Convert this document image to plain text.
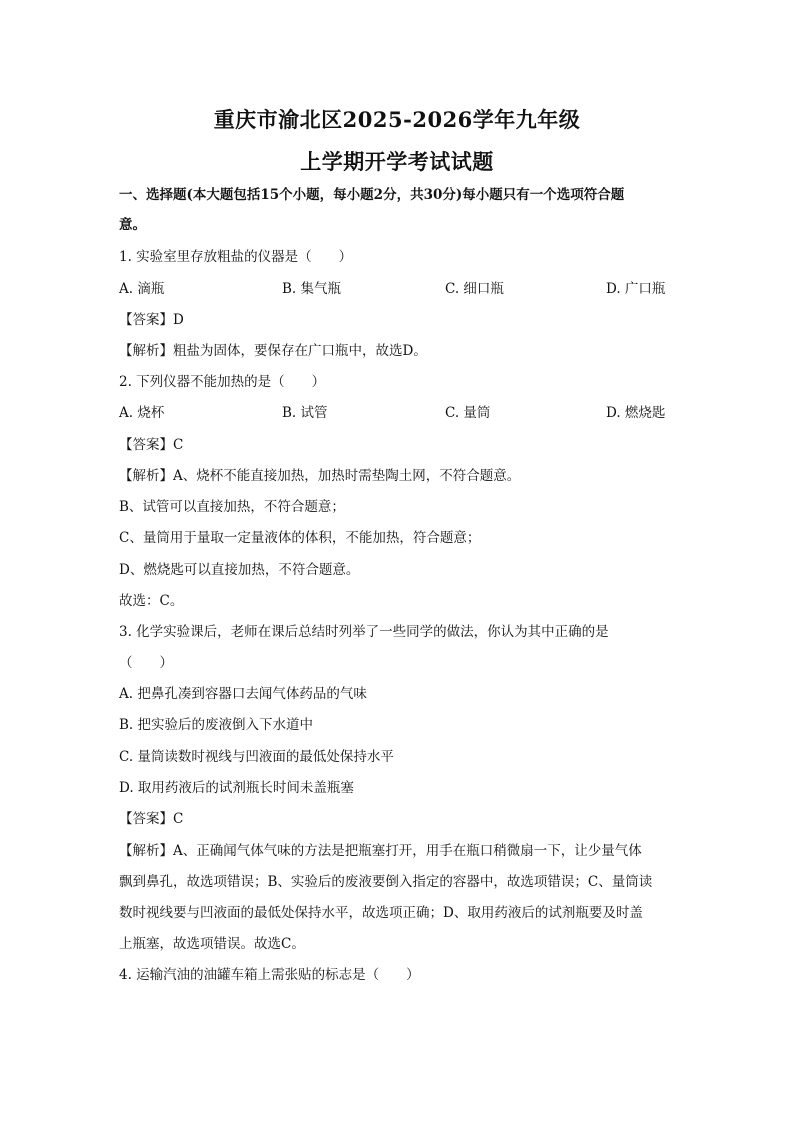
重庆市渝北区2025-2026学年九年级
上学期开学考试试题
一、选择题(本大题包括15个小题，每小题2分，共30分)每小题只有一个选项符合题
意。
1. 实验室里存放粗盐的仪器是（　　）
A. 滴瓶	B. 集气瓶	C. 细口瓶	D. 广口瓶
【答案】D
【解析】粗盐为固体，要保存在广口瓶中，故选D。
2. 下列仪器不能加热的是（　　）
A. 烧杯	B. 试管	C. 量筒	D. 燃烧匙
【答案】C
【解析】A、烧杯不能直接加热，加热时需垫陶土网，不符合题意。
B、试管可以直接加热，不符合题意；
C、量筒用于量取一定量液体的体积，不能加热，符合题意；
D、燃烧匙可以直接加热，不符合题意。
故选：C。
3. 化学实验课后，老师在课后总结时列举了一些同学的做法，你认为其中正确的是
（　　）
A. 把鼻孔凑到容器口去闻气体药品的气味
B. 把实验后的废液倒入下水道中
C. 量筒读数时视线与凹液面的最低处保持水平
D. 取用药液后的试剂瓶长时间未盖瓶塞
【答案】C
【解析】A、正确闻气体气味的方法是把瓶塞打开，用手在瓶口稍微扇一下，让少量气体
飘到鼻孔，故选项错误；B、实验后的废液要倒入指定的容器中，故选项错误；C、量筒读
数时视线要与凹液面的最低处保持水平，故选项正确；D、取用药液后的试剂瓶要及时盖
上瓶塞，故选项错误。故选C。
4. 运输汽油的油罐车箱上需张贴的标志是（　　）
